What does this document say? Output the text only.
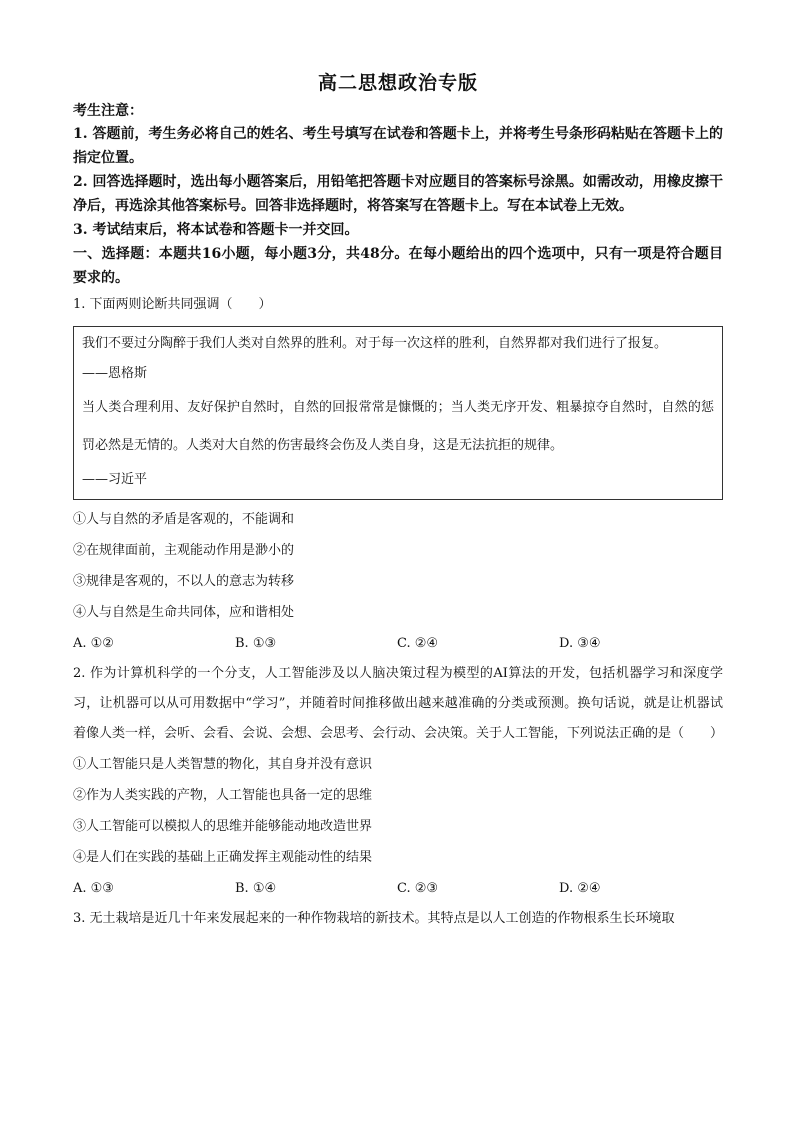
高二思想政治专版
考生注意：
1. 答题前，考生务必将自己的姓名、考生号填写在试卷和答题卡上，并将考生号条形码粘贴在答题卡上的指定位置。
2. 回答选择题时，选出每小题答案后，用铅笔把答题卡对应题目的答案标号涂黑。如需改动，用橡皮擦干净后，再选涂其他答案标号。回答非选择题时，将答案写在答题卡上。写在本试卷上无效。
3. 考试结束后，将本试卷和答题卡一并交回。
一、选择题：本题共16小题，每小题3分，共48分。在每小题给出的四个选项中，只有一项是符合题目要求的。
1. 下面两则论断共同强调（　　）
我们不要过分陶醉于我们人类对自然界的胜利。对于每一次这样的胜利，自然界都对我们进行了报复。
——恩格斯
当人类合理利用、友好保护自然时，自然的回报常常是慷慨的；当人类无序开发、粗暴掠夺自然时，自然的惩罚必然是无情的。人类对大自然的伤害最终会伤及人类自身，这是无法抗拒的规律。
——习近平
①人与自然的矛盾是客观的，不能调和
②在规律面前，主观能动作用是渺小的
③规律是客观的，不以人的意志为转移
④人与自然是生命共同体，应和谐相处
A. ①②	B. ①③	C. ②④	D. ③④
2. 作为计算机科学的一个分支，人工智能涉及以人脑决策过程为模型的AI算法的开发，包括机器学习和深度学习，让机器可以从可用数据中“学习”，并随着时间推移做出越来越准确的分类或预测。换句话说，就是让机器试着像人类一样，会听、会看、会说、会想、会思考、会行动、会决策。关于人工智能，下列说法正确的是（　　）
①人工智能只是人类智慧的物化，其自身并没有意识
②作为人类实践的产物，人工智能也具备一定的思维
③人工智能可以模拟人的思维并能够能动地改造世界
④是人们在实践的基础上正确发挥主观能动性的结果
A. ①③	B. ①④	C. ②③	D. ②④
3. 无土栽培是近几十年来发展起来的一种作物栽培的新技术。其特点是以人工创造的作物根系生长环境取
